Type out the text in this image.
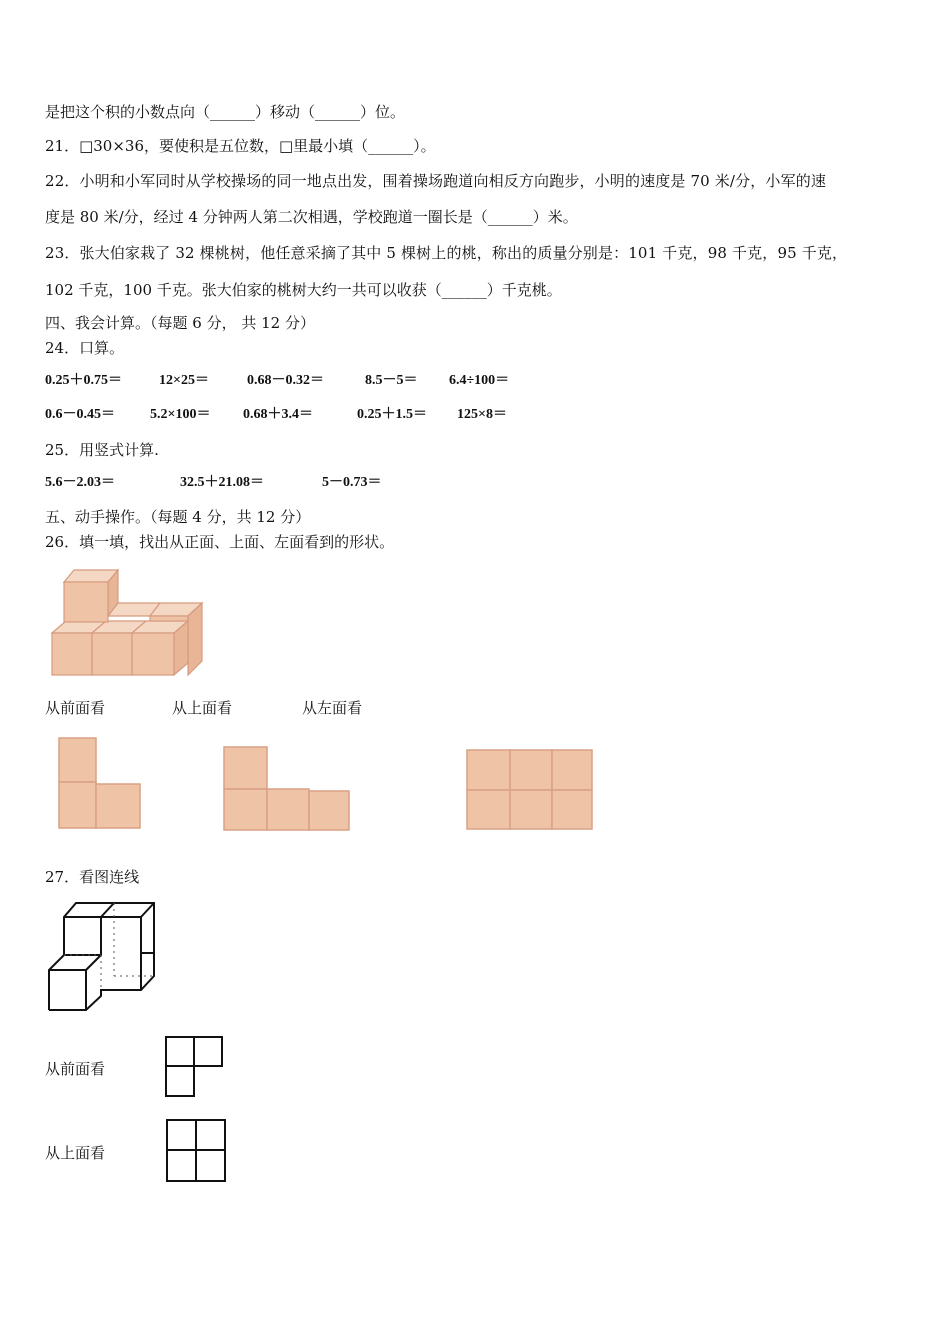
是把这个积的小数点向（______）移动（______）位。
21．□30×36，要使积是五位数，□里最小填（______）。
22．小明和小军同时从学校操场的同一地点出发，围着操场跑道向相反方向跑步，小明的速度是 70 米/分，小军的速
度是 80 米/分，经过 4 分钟两人第二次相遇，学校跑道一圈长是（______）米。
23．张大伯家栽了 32 棵桃树，他任意采摘了其中 5 棵树上的桃，称出的质量分别是：101 千克，98 千克，95 千克，
102 千克，100 千克。张大伯家的桃树大约一共可以收获（______）千克桃。
四、我会计算。（每题 6 分， 共 12 分）
24．口算。
0.25＋0.75＝	12×25＝	0.68－0.32＝	8.5－5＝ 6.4÷100＝
0.6－0.45＝	5.2×100＝ 0.68＋3.4＝	0.25＋1.5＝ 125×8＝
25．用竖式计算.
5.6－2.03＝	32.5＋21.08＝	5－0.73＝
五、动手操作。（每题 4 分，共 12 分）
26．填一填，找出从正面、上面、左面看到的形状。
从前面看	从上面看	从左面看
27．看图连线
从前面看
从上面看
